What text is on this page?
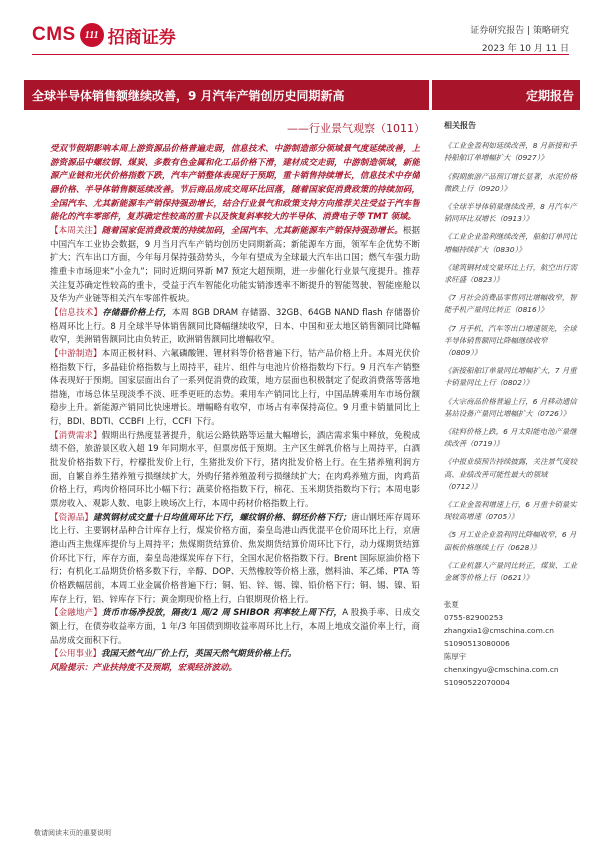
CMS 111 招商证券	证券研究报告 | 策略研究
2023 年 10 月 11 日
全球半导体销售额继续改善，9 月汽车产销创历史同期新高	定期报告
——行业景气观察（1011）

受双节假期影响本周上游资源品价格普遍走弱，信息技术、中游制造部分领域景气度延续改善，上游资源品中螺纹钢、煤炭、多数有色金属和化工品价格下滑，建材成交走弱，中游制造领域，新能源产业链和光伏价格指数下跌，汽车产销整体表现好于预期，重卡销售持续增长，信息技术中存储器价格、半导体销售额延续改善。节后商品房成交周环比回落，随着国家促消费政策的持续加码，全国汽车、尤其新能源车产销保持强劲增长，结合行业景气和政策支持方向推荐关注受益于汽车智能化的汽车零部件，复苏确定性较高的重卡以及恢复斜率较大的半导体、消费电子等 TMT 领域。

【本周关注】随着国家促消费政策的持续加码，全国汽车、尤其新能源车产销保持强劲增长。根据中国汽车工业协会数据，9 月当月汽车产销均创历史同期新高；新能源车方面，领军车企优势不断扩大；汽车出口方面，今年每月保持强劲势头，今年有望成为全球最大汽车出口国；燃气车强力助推重卡市场迎来“小金九”；同时近期问界新 M7 预定大超预期，进一步催化行业景气度提升。推荐关注复苏确定性较高的重卡，受益于汽车智能化功能实销渗透率不断提升的智能驾驶、智能座舱以及华为产业链等相关汽车零部件板块。

【信息技术】存储器价格上行，本周 8GB DRAM 存储器、32GB、64GB NAND flash 存储器价格周环比上行。8 月全球半导体销售额同比降幅继续收窄，日本、中国和亚太地区销售额同比降幅收窄，美洲销售额同比由负转正，欧洲销售额同比增幅收窄。

【中游制造】本周正极材料、六氟磷酸锂、锂材料等价格普遍下行，钴产品价格上升。本周光伏价格指数下行，多晶硅价格指数与上周持平，硅片、组件与电池片价格指数均下行。9 月汽车产销整体表现好于预期。国家层面出台了一系列促消费的政策，地方层面也积极制定了促政消费落等落地措施，市场总体呈现淡季不淡、旺季更旺的态势。乘用车产销同比上行，中国品牌乘用车市场份额稳步上升。新能源产销同比快速增长。增幅略有收窄，市场占有率保持高位。9 月重卡销量同比上行，BDI、BDTI、CCBFI 上行，CCFI 下行。

【消费需求】假期出行热度显著提升，航运公路铁路等运量大幅增长，酒店需求集中释放，免税成绩不俗，旅游景区收入超 19 年同期水平，但票房低于预期。主产区生鲜乳价格与上周持平，白酒批发价格指数下行，柠檬批发价上行，生猪批发价下行，猪肉批发价格上行。在生猪养殖利润方面，自繁自养生猪养殖亏损继续扩大，外购仔猪养殖盈利亏损继续扩大；在肉鸡养殖方面，肉鸡苗价格上行，鸡肉价格同环比小幅下行；蔬菜价格指数下行，棉花、玉米期货指数均下行；本周电影票房收入、观影人数、电影上映场次上行，本周中药材价格指数上行。

【资源品】建筑钢材成交量十日均值周环比下行，螺纹钢价格、钢坯价格下行；唐山钢坯库存周环比上行、主要钢材品种合计库存上行，煤炭价格方面，秦皇岛港山西优混平仓价周环比上行，京唐港山西主焦煤库提价与上周持平；焦煤期货结算价、焦炭期货结算价周环比下行，动力煤期货结算价环比下行，库存方面，秦皇岛港煤炭库存下行，全国水泥价格指数下行。Brent 国际原油价格下行；有机化工品期货价格多数下行，辛醇、DOP、天然橡胶等价格上涨，燃料油、苯乙烯、PTA 等价格跌幅居前，本周工业金属价格普遍下行；铜、铝、锌、锡、镍、铅价格下行；铜、锡、镍、铅库存上行，铝、锌库存下行；黄金期现价格上行，白银期现价格上行。

【金融地产】货币市场净投放，隔夜/1 周/2 周 SHIBOR 利率较上周下行，A 股换手率、日成交额上行，在债券收益率方面，1 年/3 年国债到期收益率周环比上行，本周上地成交溢价率上行，商品房成交面积下行。

【公用事业】我国天然气出厂价上行，英国天然气期货价格上行。

风险提示：产业扶持度不及预期，宏观经济波动。

相关报告
《工业金盈利如延续改善，8 月新接和手持船舶订单增幅扩大（0927）》
《假期旅游产品预订增长显著，水泥价格微跌上行（0920）》
《全球半导体销量继续改善，8 月汽车产销同环比双增长（0913）》
《工业企业盈利继续改善，船舶订单同比增幅持续扩大（0830）》
《建筑钢材成交量环比上行，航空出行需求旺盛（0823）》
《7 月社会消费品零售同比增幅收窄，智能手机产量同比转正（0816）》
《7 月手机、汽车等出口增速领先，全球半导体销售额同比降幅继续收窄（0809）》
《新接船舶订单量同比增幅扩大，7 月重卡销量同比上行（0802）》
《大宗商品价格普遍上行，6 月移动通信基站设备产量同比增幅扩大（0726）》
《硅料价格上跌，6 月太阳能电池产量继续改善（0719）》
《中报业绩预告持续披露，关注景气度较高、业绩改善可能性最大的领域（0712）》
《工业金盈利增速上行，6 月重卡销量实现较高增速（0705）》
《5 月工业企业盈利同比降幅收窄，6 月面板价格继续上行（0628）》
《工业机器人产量同比转正，煤炭、工业金属等价格上行（0621）》
张夏
0755-82900253
zhangxia1@cmschina.com.cn
S1090513080006
陈厚宇
chenxingyu@cmschina.com.cn
S1090522070004
敬请阅读末页的重要说明
